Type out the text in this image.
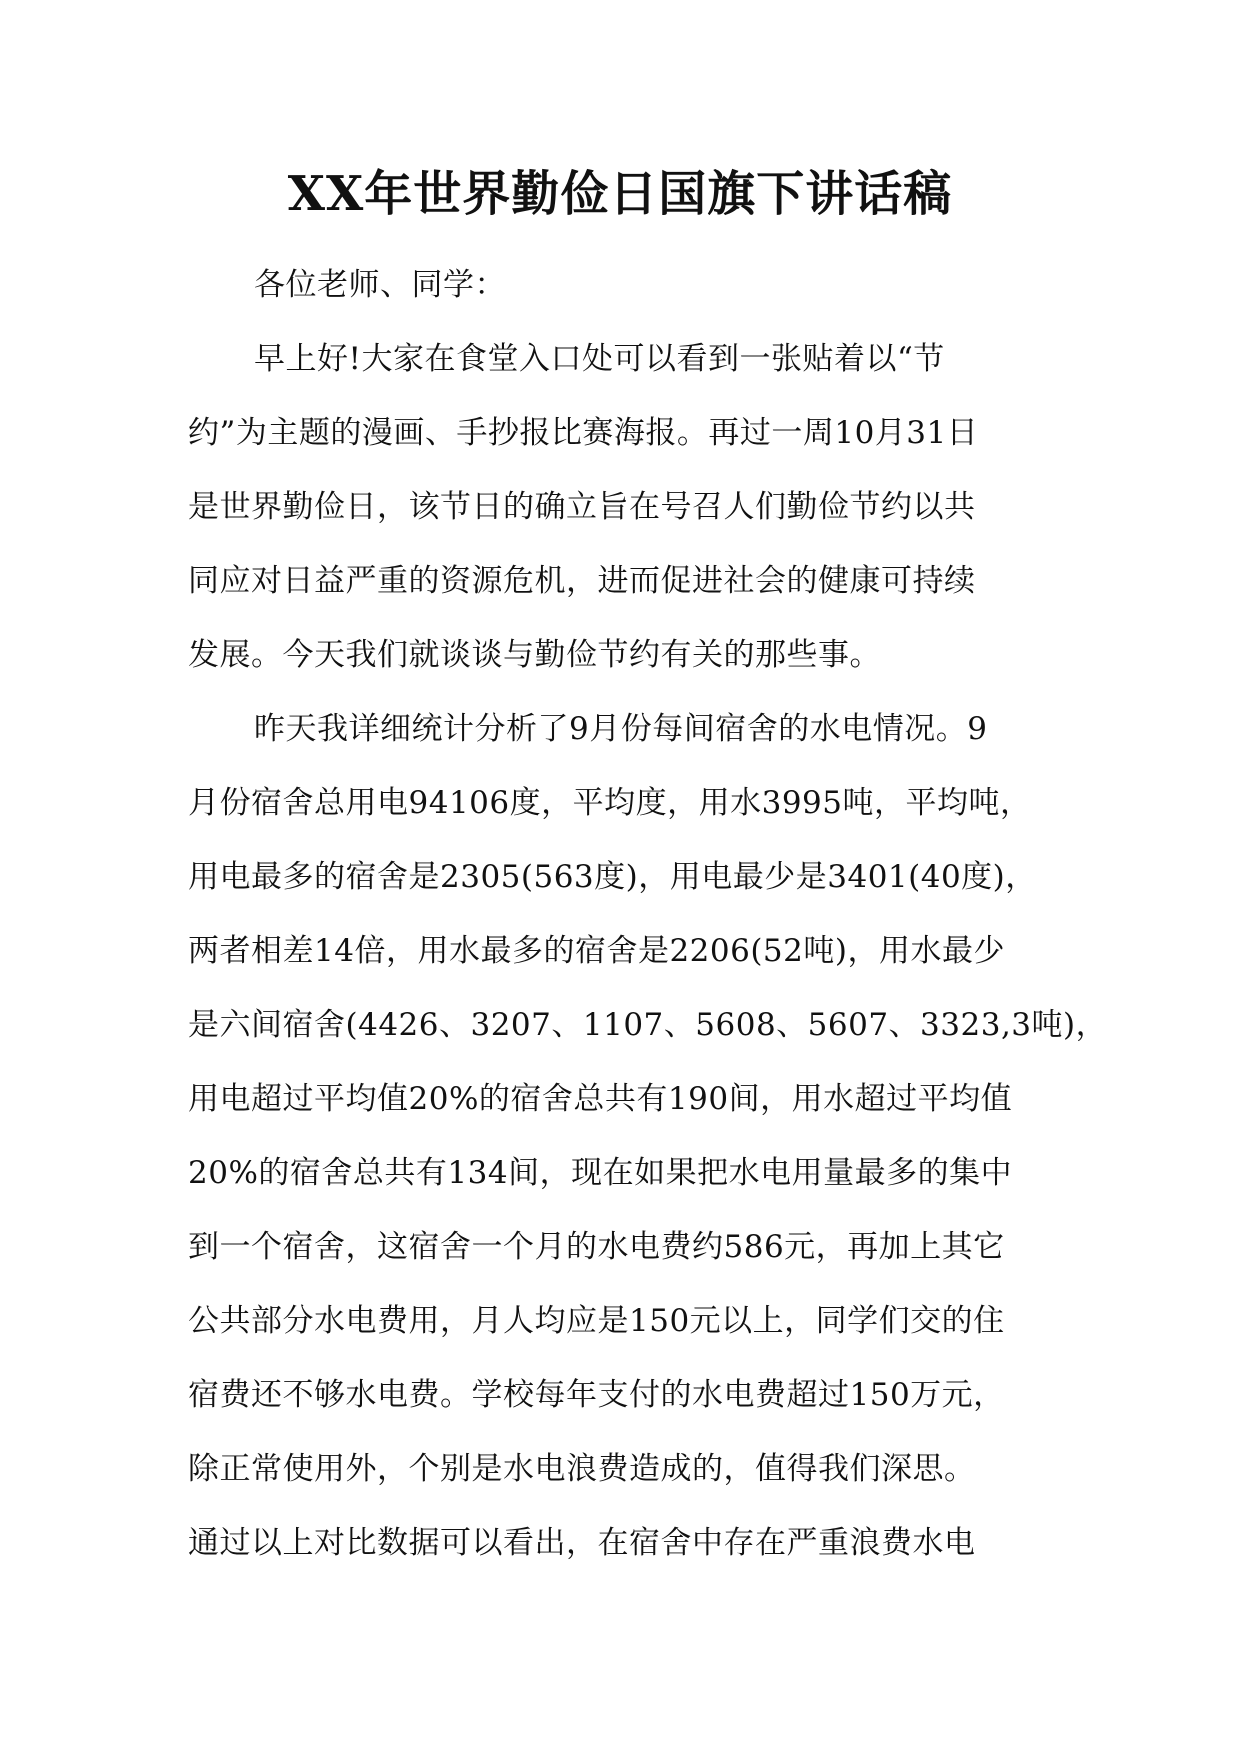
XX年世界勤俭日国旗下讲话稿
各位老师、同学：
早上好!大家在食堂入口处可以看到一张贴着以“节
约”为主题的漫画、手抄报比赛海报。再过一周10月31日
是世界勤俭日，该节日的确立旨在号召人们勤俭节约以共
同应对日益严重的资源危机，进而促进社会的健康可持续
发展。今天我们就谈谈与勤俭节约有关的那些事。
昨天我详细统计分析了9月份每间宿舍的水电情况。9
月份宿舍总用电94106度，平均度，用水3995吨，平均吨，
用电最多的宿舍是2305(563度)，用电最少是3401(40度)，
两者相差14倍，用水最多的宿舍是2206(52吨)，用水最少
是六间宿舍(4426、3207、1107、5608、5607、3323,3吨)，
用电超过平均值20%的宿舍总共有190间，用水超过平均值
20%的宿舍总共有134间，现在如果把水电用量最多的集中
到一个宿舍，这宿舍一个月的水电费约586元，再加上其它
公共部分水电费用，月人均应是150元以上，同学们交的住
宿费还不够水电费。学校每年支付的水电费超过150万元，
除正常使用外，个别是水电浪费造成的，值得我们深思。
通过以上对比数据可以看出，在宿舍中存在严重浪费水电
